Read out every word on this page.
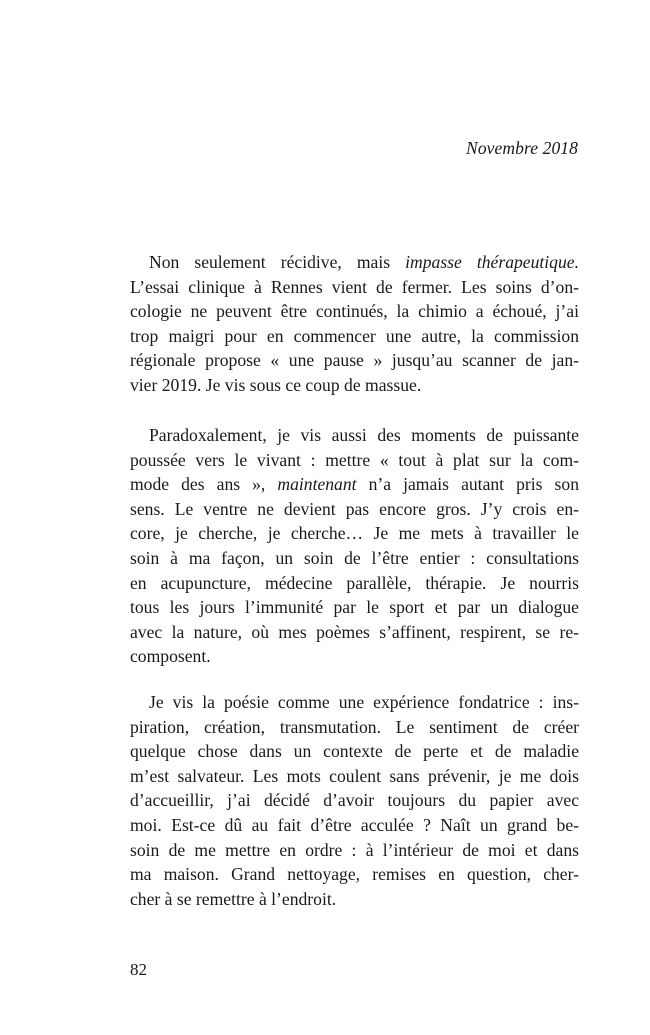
Novembre 2018
Non seulement récidive, mais impasse thérapeutique.
L’essai clinique à Rennes vient de fermer. Les soins d’on-
cologie ne peuvent être continués, la chimio a échoué, j’ai
trop maigri pour en commencer une autre, la commission
régionale propose « une pause » jusqu’au scanner de jan-
vier 2019. Je vis sous ce coup de massue.
Paradoxalement, je vis aussi des moments de puissante
poussée vers le vivant : mettre « tout à plat sur la com-
mode des ans », maintenant n’a jamais autant pris son
sens. Le ventre ne devient pas encore gros. J’y crois en-
core, je cherche, je cherche… Je me mets à travailler le
soin à ma façon, un soin de l’être entier : consultations
en acupuncture, médecine parallèle, thérapie. Je nourris
tous les jours l’immunité par le sport et par un dialogue
avec la nature, où mes poèmes s’affinent, respirent, se re-
composent.
Je vis la poésie comme une expérience fondatrice : ins-
piration, création, transmutation. Le sentiment de créer
quelque chose dans un contexte de perte et de maladie
m’est salvateur. Les mots coulent sans prévenir, je me dois
d’accueillir, j’ai décidé d’avoir toujours du papier avec
moi. Est-ce dû au fait d’être acculée ? Naît un grand be-
soin de me mettre en ordre : à l’intérieur de moi et dans
ma maison. Grand nettoyage, remises en question, cher-
cher à se remettre à l’endroit.
82
